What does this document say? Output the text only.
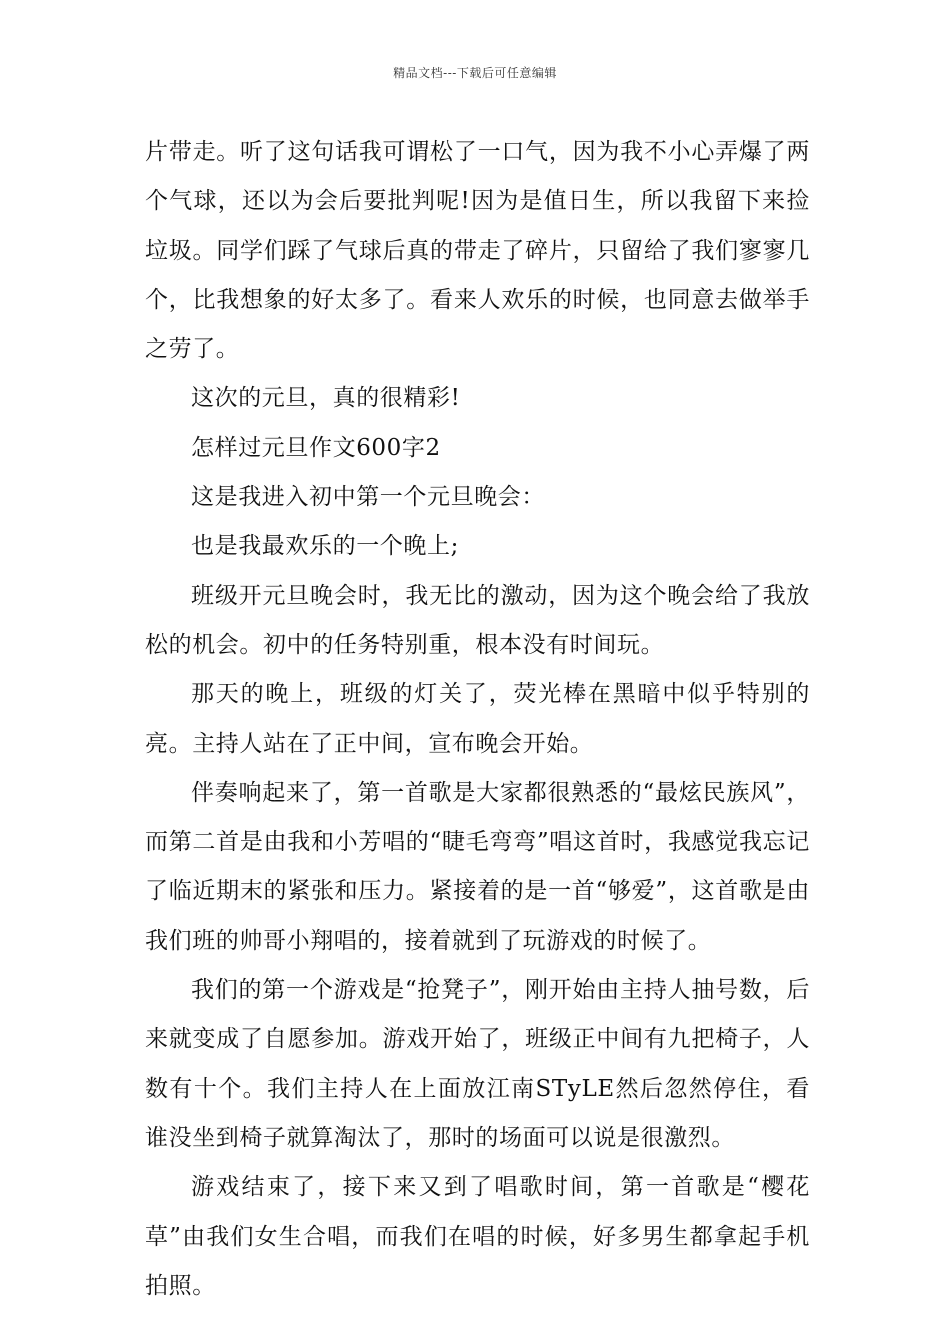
精品文档---下载后可任意编辑

片带走。听了这句话我可谓松了一口气，因为我不小心弄爆了两个气球，还以为会后要批判呢!因为是值日生，所以我留下来捡垃圾。同学们踩了气球后真的带走了碎片，只留给了我们寥寥几个，比我想象的好太多了。看来人欢乐的时候，也同意去做举手之劳了。

这次的元旦，真的很精彩!

怎样过元旦作文600字2

这是我进入初中第一个元旦晚会：

也是我最欢乐的一个晚上;

班级开元旦晚会时，我无比的激动，因为这个晚会给了我放松的机会。初中的任务特别重，根本没有时间玩。

那天的晚上，班级的灯关了，荧光棒在黑暗中似乎特别的亮。主持人站在了正中间，宣布晚会开始。

伴奏响起来了，第一首歌是大家都很熟悉的“最炫民族风”，而第二首是由我和小芳唱的“睫毛弯弯”唱这首时，我感觉我忘记了临近期末的紧张和压力。紧接着的是一首“够爱”，这首歌是由我们班的帅哥小翔唱的，接着就到了玩游戏的时候了。

我们的第一个游戏是“抢凳子”，刚开始由主持人抽号数，后来就变成了自愿参加。游戏开始了，班级正中间有九把椅子，人数有十个。我们主持人在上面放江南STyLE然后忽然停住，看谁没坐到椅子就算淘汰了，那时的场面可以说是很激烈。

游戏结束了，接下来又到了唱歌时间，第一首歌是“樱花草”由我们女生合唱，而我们在唱的时候，好多男生都拿起手机拍照。
